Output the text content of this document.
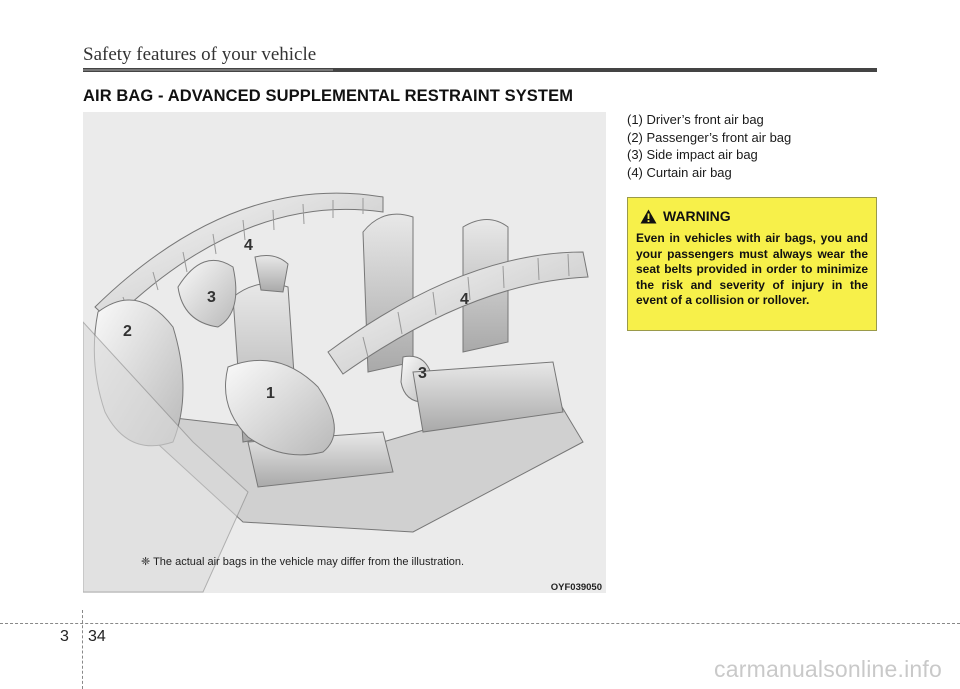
Safety features of your vehicle
AIR BAG - ADVANCED SUPPLEMENTAL RESTRAINT SYSTEM
4
3
2
1
4
3
❈ The actual air bags in the vehicle may differ from the illustration.
OYF039050
(1) Driver’s front air bag
(2) Passenger’s front air bag
(3) Side impact air bag
(4) Curtain air bag
WARNING
Even in vehicles with air bags, you and your passengers must always wear the seat belts provided in order to minimize the risk and severity of injury in the event of a collision or rollover.
3 34
carmanualsonline.info
